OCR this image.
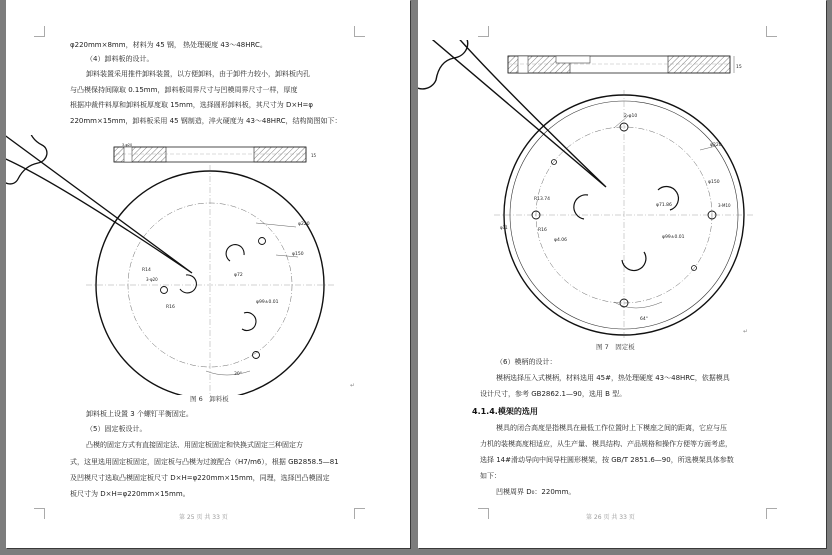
φ220mm×8mm，材料为 45 钢， 热处理硬度 43～48HRC。
（4）卸料板的设计。
卸料装置采用推件卸料装置，以方便卸料，由于卸件力较小，卸料板内孔
与凸模保持间隙取 0.15mm，卸料板周界尺寸与凹模周界尺寸一样，厚度
根据冲裁件料厚和卸料板厚度取 15mm，选择圆形卸料板，其尺寸为 D×H=φ
220mm×15mm，卸料板采用 45 钢制造，淬火硬度为 43～48HRC，结构简图如下：
3-φ20
15
φ220
φ150
φ72
φ99±0.01
R14
R16
3-φ20
30°
图 6　卸料板
↵
卸料板上设置 3 个螺钉平衡固定。
（5）固定板设计。
凸模的固定方式有直接固定法、用固定板固定和快换式固定三种固定方
式，这里选用固定板固定，固定板与凸模为过渡配合（H7/m6），根据 GB2858.5—81
及凹模尺寸选取凸模固定板尺寸 D×H=φ220mm×15mm，同理，选择凹凸模固定
板尺寸为 D×H=φ220mm×15mm。
第 25 页 共 33 页
15
2-φ10
φ220
φ150
φ71.86
φ99±0.01
R13.74
R16
φ4.06
φ11
64°
3-M10
图 7　固定板
↵
（6）模柄的设计：
模柄选择压入式模柄，材料选用 45#，热处理硬度 43～48HRC，依据模具
设计尺寸，参考 GB2862.1—90，选用 B 型。
4.1.4.模架的选用
模具的闭合高度是指模具在最低工作位置时上下模座之间的距离，它应与压
力机的装模高度相适应，从生产量、模具结构、产品规格和操作方便等方面考虑，
选择 14#滑动导向中间导柱圆形模架，按 GB/T 2851.6—90，所选模架具体参数
如下：
凹模周界 D₀：220mm。
第 26 页 共 33 页
